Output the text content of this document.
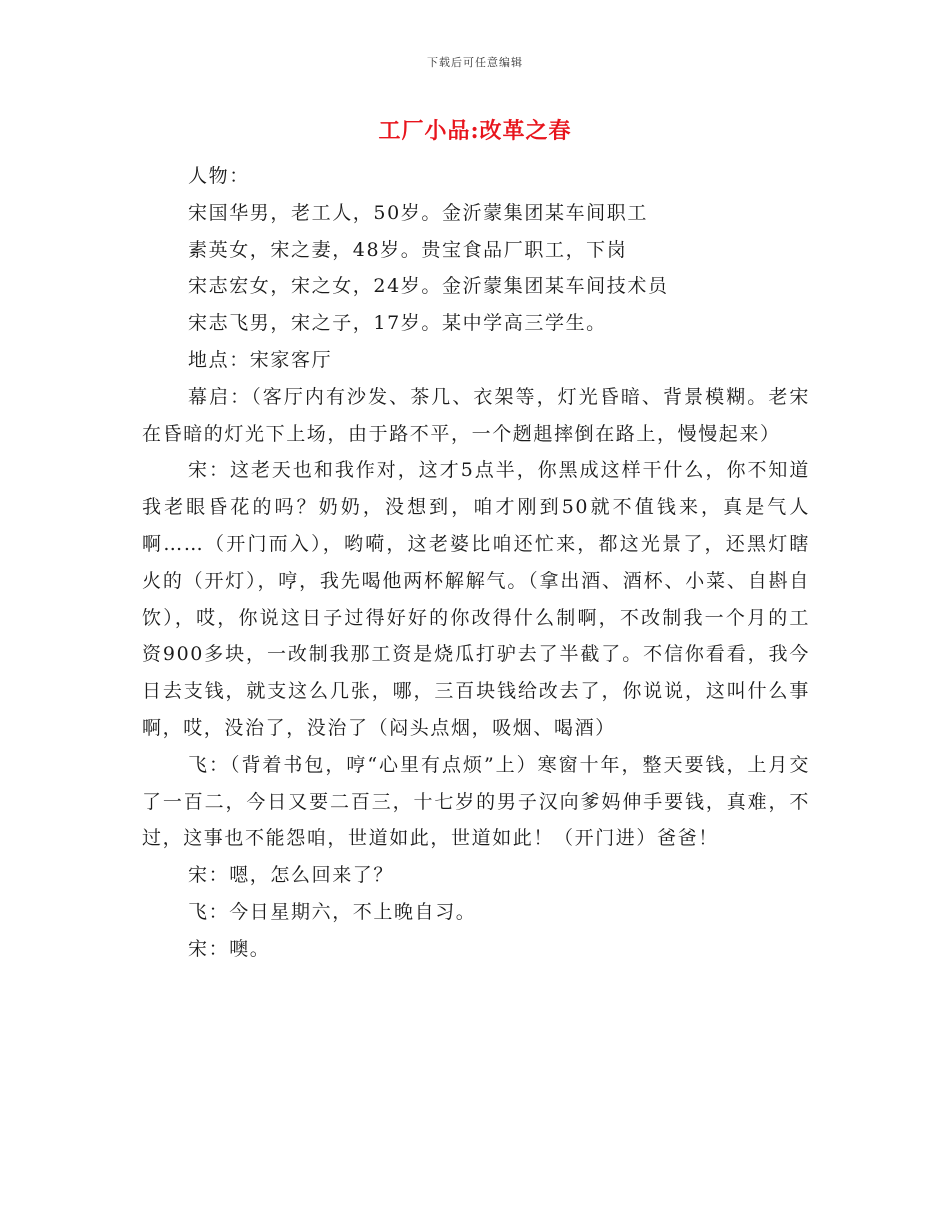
下载后可任意编辑
工厂小品:改革之春

人物：

宋国华男，老工人，50岁。金沂蒙集团某车间职工

素英女，宋之妻，48岁。贵宝食品厂职工，下岗

宋志宏女，宋之女，24岁。金沂蒙集团某车间技术员

宋志飞男，宋之子，17岁。某中学高三学生。

地点：宋家客厅

幕启：（客厅内有沙发、茶几、衣架等，灯光昏暗、背景模糊。老宋在昏暗的灯光下上场，由于路不平，一个趔趄摔倒在路上，慢慢起来）

宋：这老天也和我作对，这才5点半，你黑成这样干什么，你不知道我老眼昏花的吗？奶奶，没想到，咱才刚到50就不值钱来，真是气人啊……（开门而入），哟嗬，这老婆比咱还忙来，都这光景了，还黑灯瞎火的（开灯），哼，我先喝他两杯解解气。（拿出酒、酒杯、小菜、自斟自饮），哎，你说这日子过得好好的你改得什么制啊，不改制我一个月的工资900多块，一改制我那工资是烧瓜打驴去了半截了。不信你看看，我今日去支钱，就支这么几张，哪，三百块钱给改去了，你说说，这叫什么事啊，哎，没治了，没治了（闷头点烟，吸烟、喝酒）

飞：（背着书包，哼“心里有点烦”上）寒窗十年，整天要钱，上月交了一百二，今日又要二百三，十七岁的男子汉向爹妈伸手要钱，真难，不过，这事也不能怨咱，世道如此，世道如此！（开门进）爸爸！

宋：嗯，怎么回来了？

飞：今日星期六，不上晚自习。

宋：噢。
